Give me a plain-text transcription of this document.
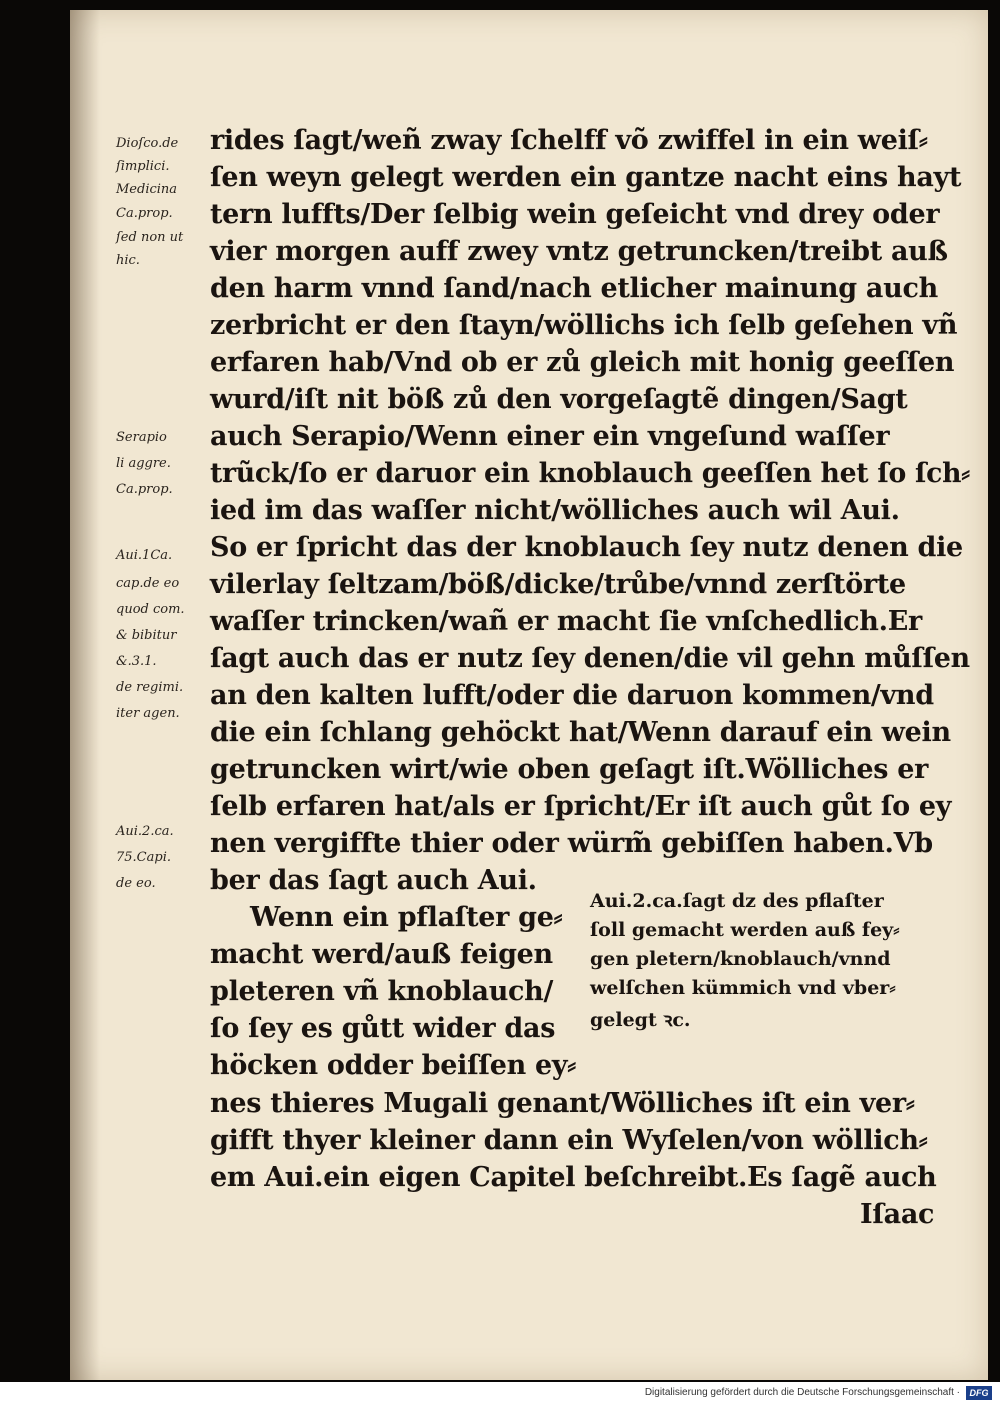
Dioſco.de
ſimplici.
Medicina
Ca.prop.
ſed non ut
hic.
Serapio
li aggre.
Ca.prop.
Aui.1Ca.
cap.de eo
quod com.
& bibitur
&.3.1.
de regimi.
iter agen.
Aui.2.ca.
75.Capi.
de eo.
rides ſagt/weñ zway ſchelff võ zwiffel in ein weiſ⸗
ſen weyn gelegt werden ein gantze nacht eins hayt
tern luffts/Der ſelbig wein geſeicht vnd drey oder
vier morgen auff zwey vntz getruncken/treibt auß
den harm vnnd ſand/nach etlicher mainung auch
zerbricht er den ſtayn/wöllichs ich ſelb geſehen vñ
erfaren hab/Vnd ob er zů gleich mit honig geeſſen
wurd/iſt nit böß zů den vorgeſagtẽ dingen/Sagt
auch Serapio/Wenn einer ein vngeſund waſſer
trũck/ſo er daruor ein knoblauch geeſſen het ſo ſch⸗
ied im das waſſer nicht/wölliches auch wil Aui.
So er ſpricht das der knoblauch ſey nutz denen die
vilerlay ſeltzam/böß/dicke/trůbe/vnnd zerſtörte
waſſer trincken/wañ er macht ſie vnſchedlich.Er
ſagt auch das er nutz ſey denen/die vil gehn můſſen
an den kalten lufft/oder die daruon kommen/vnd
die ein ſchlang gehöckt hat/Wenn darauf ein wein
getruncken wirt/wie oben geſagt iſt.Wölliches er
ſelb erfaren hat/als er ſpricht/Er iſt auch gůt ſo ey
nen vergiffte thier oder würm̃ gebiſſen haben.Vb
ber das ſagt auch Aui.
Wenn ein pflaſter ge⸗
macht werd/auß feigen
pleteren vñ knoblauch/
ſo ſey es gůtt wider das
höcken odder beiſſen ey⸗
Aui.2.ca.ſagt dz des pflaſter
ſoll gemacht werden auß fey⸗
gen pletern/knoblauch/vnnd
welſchen kümmich vnd vber⸗
gelegt ꝛc.
nes thieres Mugali genant/Wölliches iſt ein ver⸗
gifft thyer kleiner dann ein Wyſelen/von wöllich⸗
em Aui.ein eigen Capitel beſchreibt.Es ſagẽ auch
Iſaac
Digitalisierung gefördert durch die Deutsche Forschungsgemeinschaft ·	DFG
